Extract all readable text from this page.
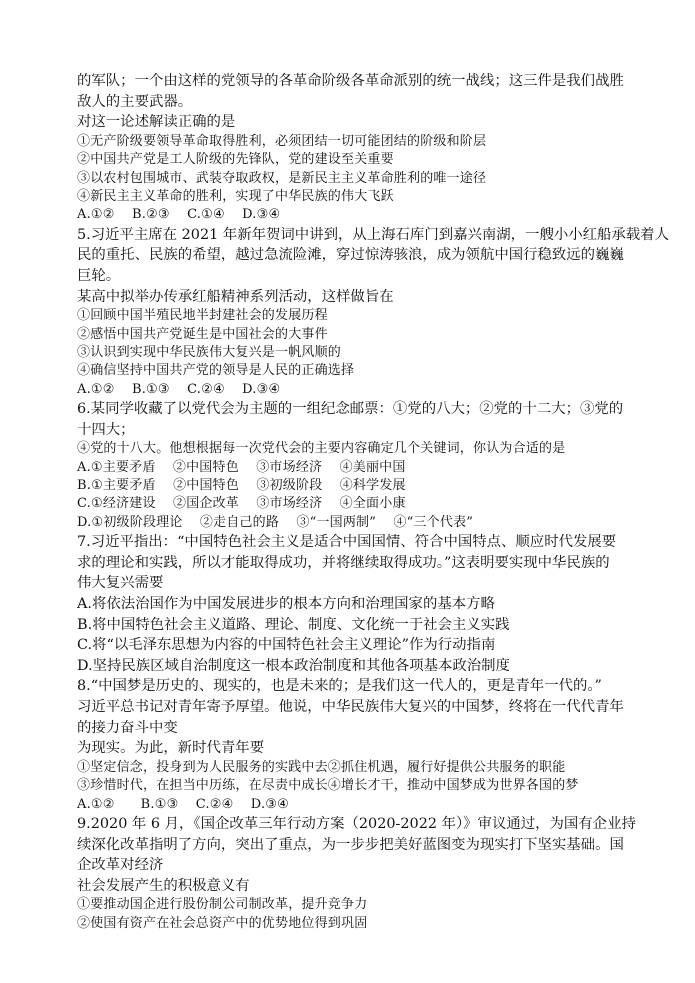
的军队；一个由这样的党领导的各革命阶级各革命派别的统一战线；这三件是我们战胜
敌人的主要武器。
对这一论述解读正确的是
①无产阶级要领导革命取得胜利，必须团结一切可能团结的阶级和阶层
②中国共产党是工人阶级的先锋队，党的建设至关重要
③以农村包围城市、武装夺取政权，是新民主主义革命胜利的唯一途径
④新民主主义革命的胜利，实现了中华民族的伟大飞跃
A.①②    B.②③    C.①④    D.③④
5.习近平主席在 2021 年新年贺词中讲到，从上海石库门到嘉兴南湖，一艘小小红船承载着人
民的重托、民族的希望，越过急流险滩，穿过惊涛骇浪，成为领航中国行稳致远的巍巍
巨轮。
某高中拟举办传承红船精神系列活动，这样做旨在
①回顾中国半殖民地半封建社会的发展历程
②感悟中国共产党诞生是中国社会的大事件
③认识到实现中华民族伟大复兴是一帆风顺的
④确信坚持中国共产党的领导是人民的正确选择
A.①②    B.①③    C.②④    D.③④
6.某同学收藏了以党代会为主题的一组纪念邮票：①党的八大；②党的十二大；③党的
十四大；
④党的十八大。他想根据每一次党代会的主要内容确定几个关键词，你认为合适的是
A.①主要矛盾    ②中国特色    ③市场经济    ④美丽中国
B.①主要矛盾    ②中国特色    ③初级阶段    ④科学发展
C.①经济建设    ②国企改革    ③市场经济    ④全面小康
D.①初级阶段理论    ②走自己的路    ③“一国两制”    ④“三个代表”
7.习近平指出：“中国特色社会主义是适合中国国情、符合中国特点、顺应时代发展要
求的理论和实践，所以才能取得成功，并将继续取得成功。”这表明要实现中华民族的
伟大复兴需要
A.将依法治国作为中国发展进步的根本方向和治理国家的基本方略
B.将中国特色社会主义道路、理论、制度、文化统一于社会主义实践
C.将“以毛泽东思想为内容的中国特色社会主义理论”作为行动指南
D.坚持民族区域自治制度这一根本政治制度和其他各项基本政治制度
8.“中国梦是历史的、现实的，也是未来的；是我们这一代人的，更是青年一代的。”
习近平总书记对青年寄予厚望。他说，中华民族伟大复兴的中国梦，终将在一代代青年
的接力奋斗中变
为现实。为此，新时代青年要
①坚定信念，投身到为人民服务的实践中去②抓住机遇，履行好提供公共服务的职能
③珍惜时代，在担当中历练，在尽责中成长④增长才干，推动中国梦成为世界各国的梦
A.①②      B.①③    C.②④    D.③④
9.2020 年 6 月，《国企改革三年行动方案（2020-2022 年）》审议通过，为国有企业持
续深化改革指明了方向，突出了重点，为一步步把美好蓝图变为现实打下坚实基础。国
企改革对经济
社会发展产生的积极意义有
①要推动国企进行股份制公司制改革，提升竞争力
②使国有资产在社会总资产中的优势地位得到巩固
